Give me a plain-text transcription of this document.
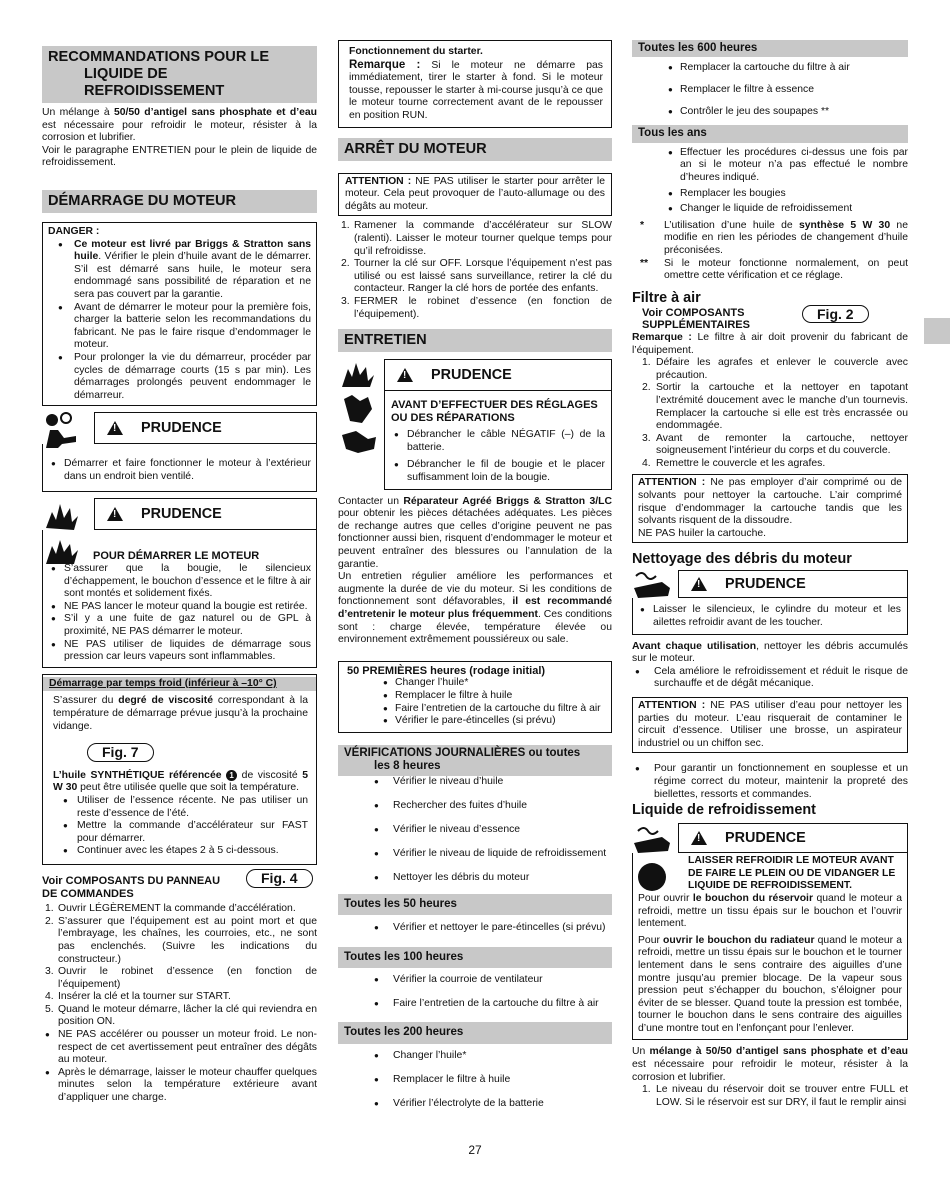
RECOMMANDATIONS POUR LE
LIQUIDE DE REFROIDISSEMENT

Un mélange à 50/50 d’antigel sans phosphate et d’eau est nécessaire pour refroidir le moteur, résister à la corrosion et lubrifier.

Voir le paragraphe ENTRETIEN pour le plein de liquide de refroidissement.

DÉMARRAGE DU MOTEUR

DANGER :

● Ce moteur est livré par Briggs & Stratton sans huile. Vérifier le plein d’huile avant de le démarrer. S’il est démarré sans huile, le moteur sera endommagé sans possibilité de réparation et ne sera pas couvert par la garantie.

● Avant de démarrer le moteur pour la première fois, charger la batterie selon les recommandations du fabricant. Ne pas le faire risque d’endommager le moteur.

● Pour prolonger la vie du démarreur, procéder par cycles de démarrage courts (15 s par min). Les démarrages prolongés peuvent endommager le démarreur.

!
PRUDENCE

● Démarrer et faire fonctionner le moteur à l’extérieur dans un endroit bien ventilé.

!
PRUDENCE

POUR DÉMARRER LE MOTEUR

● S’assurer que la bougie, le silencieux d’échappement, le bouchon d’essence et le filtre à air sont montés et solidement fixés.

● NE PAS lancer le moteur quand la bougie est retirée.

● S’il y a une fuite de gaz naturel ou de GPL à proximité, NE PAS démarrer le moteur.

● NE PAS utiliser de liquides de démarrage sous pression car leurs vapeurs sont inflammables.

Démarrage par temps froid (inférieur à –10° C)

S’assurer du degré de viscosité correspondant à la température de démarrage prévue jusqu’à la prochaine vidange.

Fig. 7

L’huile SYNTHÉTIQUE référencée 1 de viscosité 5 W 30 peut être utilisée quelle que soit la température.

● Utiliser de l’essence récente. Ne pas utiliser un reste d’essence de l’été.

● Mettre la commande d’accélérateur sur FAST pour démarrer.

● Continuer avec les étapes 2 à 5 ci-dessous.

Voir COMPOSANTS DU PANNEAU

DE COMMANDES

Fig. 4

1. Ouvrir LÉGÈREMENT la commande d’accélération.

2. S’assurer que l’équipement est au point mort et que l’embrayage, les chaînes, les courroies, etc., ne sont pas enclenchés. (Suivre les indications du constructeur.)

3. Ouvrir le robinet d’essence (en fonction de l’équipement)

4. Insérer la clé et la tourner sur START.

5. Quand le moteur démarre, lâcher la clé qui reviendra en position ON.

● NE PAS accélérer ou pousser un moteur froid. Le non-respect de cet avertissement peut entraîner des dégâts au moteur.

● Après le démarrage, laisser le moteur chauffer quelques minutes selon la température extérieure avant d’appliquer une charge.

Fonctionnement du starter.

Remarque : Si le moteur ne démarre pas immédiatement, tirer le starter à fond. Si le moteur tousse, repousser le starter à mi-course jusqu’à ce que le moteur tourne correctement avant de le repousser en position RUN.

ARRÊT DU MOTEUR

ATTENTION : NE PAS utiliser le starter pour arrêter le moteur. Cela peut provoquer de l’auto-allumage ou des dégâts au moteur.

1. Ramener la commande d’accélérateur sur SLOW (ralenti). Laisser le moteur tourner quelque temps pour qu’il refroidisse.

2. Tourner la clé sur OFF. Lorsque l’équipement n’est pas utilisé ou est laissé sans surveillance, retirer la clé du contacteur. Ranger la clé hors de portée des enfants.

3. FERMER le robinet d’essence (en fonction de l’équipement).

ENTRETIEN
!
PRUDENCE

AVANT D’EFFECTUER DES RÉGLAGES OU DES RÉPARATIONS

● Débrancher le câble NÉGATIF (–) de la batterie.

● Débrancher le fil de bougie et le placer suffisamment loin de la bougie.

Contacter un Réparateur Agréé Briggs & Stratton 3/LC pour obtenir les pièces détachées adéquates. Les pièces de rechange autres que celles d’origine peuvent ne pas fonctionner aussi bien, risquent d’endommager le moteur et peuvent entraîner des blessures ou l’annulation de la garantie.

Un entretien régulier améliore les performances et augmente la durée de vie du moteur. Si les conditions de fonctionnement sont défavorables, il est recommandé d’entretenir le moteur plus fréquemment. Ces conditions sont : charge élevée, température élevée ou environnement extrêmement poussiéreux ou sale.

50 PREMIÈRES heures (rodage initial)

● Changer l’huile*

● Remplacer le filtre à huile

● Faire l’entretien de la cartouche du filtre à air

● Vérifier le pare-étincelles (si prévu)

VÉRIFICATIONS JOURNALIÈRES ou toutes
les 8 heures

● Vérifier le niveau d’huile

● Rechercher des fuites d’huile

● Vérifier le niveau d’essence

● Vérifier le niveau de liquide de refroidissement

● Nettoyer les débris du moteur

Toutes les 50 heures

● Vérifier et nettoyer le pare-étincelles (si prévu)

Toutes les 100 heures

● Vérifier la courroie de ventilateur

● Faire l’entretien de la cartouche du filtre à air

Toutes les 200 heures

● Changer l’huile*

● Remplacer le filtre à huile

● Vérifier l’électrolyte de la batterie

Toutes les 600 heures

● Remplacer la cartouche du filtre à air

● Remplacer le filtre à essence

● Contrôler le jeu des soupapes **

Tous les ans

● Effectuer les procédures ci-dessus une fois par an si le moteur n’a pas effectué le nombre d’heures indiqué.

● Remplacer les bougies

● Changer le liquide de refroidissement

* L’utilisation d’une huile de synthèse 5 W 30 ne modifie en rien les périodes de changement d’huile préconisées.

** Si le moteur fonctionne normalement, on peut omettre cette vérification et ce réglage.

Filtre à air

Voir COMPOSANTS

SUPPLÉMENTAIRES

Fig. 2

Remarque : Le filtre à air doit provenir du fabricant de l’équipement.

1. Défaire les agrafes et enlever le couvercle avec précaution.

2. Sortir la cartouche et la nettoyer en tapotant l’extrémité doucement avec le manche d’un tournevis. Remplacer la cartouche si elle est très encrassée ou endommagée.

3. Avant de remonter la cartouche, nettoyer soigneusement l’intérieur du corps et du couvercle.

4. Remettre le couvercle et les agrafes.

ATTENTION : Ne pas employer d’air comprimé ou de solvants pour nettoyer la cartouche. L’air comprimé risque d’endommager la cartouche tandis que les solvants risquent de la dissoudre.

NE PAS huiler la cartouche.

Nettoyage des débris du moteur

!
PRUDENCE

● Laisser le silencieux, le cylindre du moteur et les ailettes refroidir avant de les toucher.

Avant chaque utilisation, nettoyer les débris accumulés sur le moteur.

● Cela améliore le refroidissement et réduit le risque de surchauffe et de dégât mécanique.

ATTENTION : NE PAS utiliser d’eau pour nettoyer les parties du moteur. L’eau risquerait de contaminer le circuit d’essence. Utiliser une brosse, un aspirateur industriel ou un chiffon sec.

● Pour garantir un fonctionnement en souplesse et un régime correct du moteur, maintenir la propreté des biellettes, ressorts et commandes.

Liquide de refroidissement

!
PRUDENCE

LAISSER REFROIDIR LE MOTEUR AVANT DE FAIRE LE PLEIN OU DE VIDANGER LE LIQUIDE DE REFROIDISSEMENT.

Pour ouvrir le bouchon du réservoir quand le moteur a refroidi, mettre un tissu épais sur le bouchon et l’ouvrir lentement.

Pour ouvrir le bouchon du radiateur quand le moteur a refroidi, mettre un tissu épais sur le bouchon et le tourner lentement dans le sens contraire des aiguilles d’une montre jusqu’au premier blocage. De la vapeur sous pression peut s’échapper du bouchon, s’éloigner pour éviter de se blesser. Quand toute la pression est tombée, tourner le bouchon dans le sens contraire des aiguilles d’une montre tout en l’enfonçant pour l’enlever.

Un mélange à 50/50 d’antigel sans phosphate et d’eau est nécessaire pour refroidir le moteur, résister à la corrosion et lubrifier.

1. Le niveau du réservoir doit se trouver entre FULL et LOW. Si le réservoir est sur DRY, il faut le remplir ainsi

27
